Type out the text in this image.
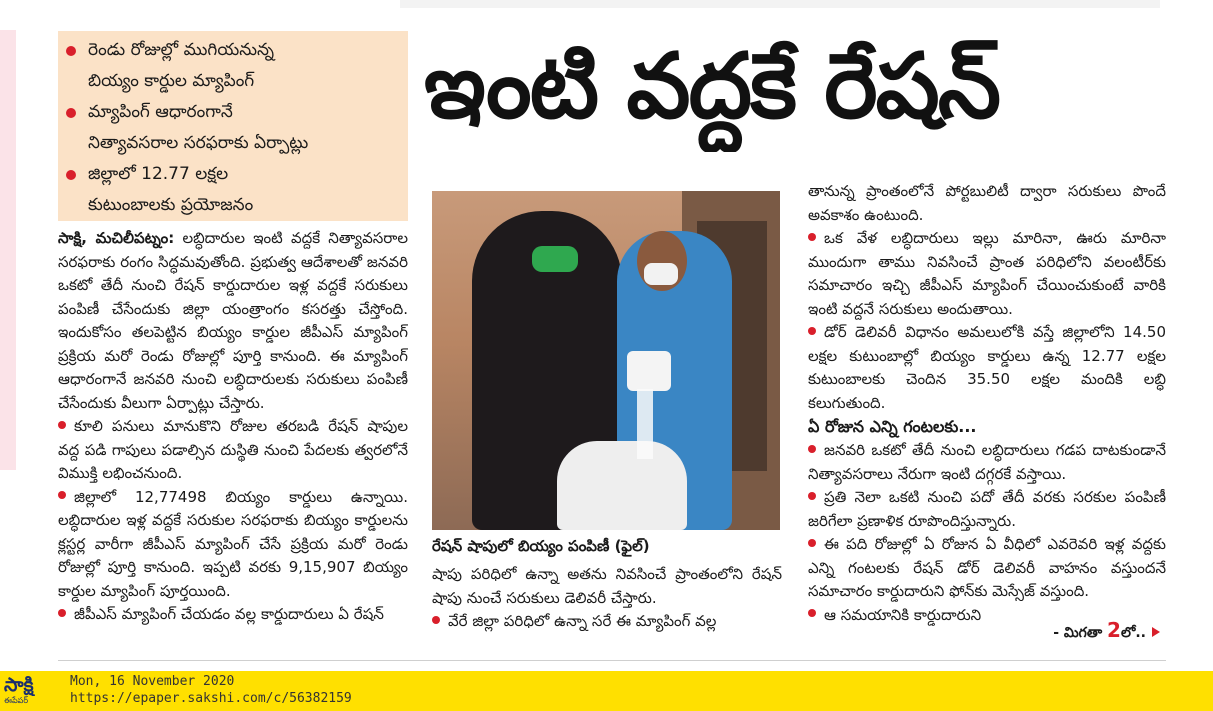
రెండు రోజుల్లో ముగియనున్న
బియ్యం కార్డుల మ్యాపింగ్‌
మ్యాపింగ్‌ ఆధారంగానే
నిత్యావసరాల సరఫరాకు ఏర్పాట్లు
జిల్లాలో 12.77 లక్షల
కుటుంబాలకు ప్రయోజనం
ఇంటి వద్దకే రేషన్‌

సాక్షి, మచిలీపట్నం: లబ్ధిదారుల ఇంటి వద్దకే నిత్యావసరాల సరఫరాకు రంగం సిద్ధమవుతోంది. ప్రభుత్వ ఆదేశాలతో జనవరి ఒకటో తేదీ నుంచి రేషన్‌ కార్డుదారుల ఇళ్ల వద్దకే సరుకులు పంపిణీ చేసేందుకు జిల్లా యంత్రాంగం కసరత్తు చేస్తోంది. ఇందుకోసం తలపెట్టిన బియ్యం కార్డుల జీపీఎస్‌ మ్యాపింగ్‌ ప్రక్రియ మరో రెండు రోజుల్లో పూర్తి కానుంది. ఈ మ్యాపింగ్‌ ఆధారంగానే జనవరి నుంచి లబ్ధిదారులకు సరుకులు పంపిణీ చేసేందుకు వీలుగా ఏర్పాట్లు చేస్తారు.

కూలి పనులు మానుకొని రోజుల తరబడి రేషన్‌ షాపుల వద్ద పడి గాపులు పడాల్సిన దుస్థితి నుంచి పేదలకు త్వరలోనే విముక్తి లభించనుంది.

జిల్లాలో 12,77498 బియ్యం కార్డులు ఉన్నాయి. లబ్ధిదారుల ఇళ్ల వద్దకే సరుకుల సరఫరాకు బియ్యం కార్డులను క్లస్టర్ల వారీగా జీపీఎస్‌ మ్యాపింగ్‌ చేసే ప్రక్రియ మరో రెండు రోజుల్లో పూర్తి కానుంది. ఇప్పటి వరకు 9,15,907 బియ్యం కార్డుల మ్యాపింగ్‌ పూర్తయింది.

జీపీఎస్‌ మ్యాపింగ్‌ చేయడం వల్ల కార్డుదారులు ఏ రేషన్‌

రేషన్‌ షాపులో బియ్యం పంపిణీ (ఫైల్‌)

షాపు పరిధిలో ఉన్నా అతను నివసించే ప్రాంతంలోని రేషన్‌ షాపు నుంచే సరుకులు డెలివరీ చేస్తారు.

వేరే జిల్లా పరిధిలో ఉన్నా సరే ఈ మ్యాపింగ్‌ వల్ల

తానున్న ప్రాంతంలోనే పోర్టబులిటీ ద్వారా సరుకులు పొందే అవకాశం ఉంటుంది.

ఒక వేళ లబ్ధిదారులు ఇల్లు మారినా, ఊరు మారినా ముందుగా తాము నివసించే ప్రాంత పరిధిలోని వలంటీర్‌కు సమాచారం ఇచ్చి జీపీఎస్‌ మ్యాపింగ్‌ చేయించుకుంటే వారికి ఇంటి వద్దనే సరుకులు అందుతాయి.

డోర్‌ డెలివరీ విధానం అమలులోకి వస్తే జిల్లాలోని 14.50 లక్షల కుటుంబాల్లో బియ్యం కార్డులు ఉన్న 12.77 లక్షల కుటుంబాలకు చెందిన 35.50 లక్షల మందికి లబ్ధి కలుగుతుంది.

ఏ రోజున ఎన్ని గంటలకు...

జనవరి ఒకటో తేదీ నుంచి లబ్ధిదారులు గడప దాటకుండానే నిత్యావసరాలు నేరుగా ఇంటి దగ్గరకే వస్తాయి.

ప్రతి నెలా ఒకటి నుంచి పదో తేదీ వరకు సరకుల పంపిణీ జరిగేలా ప్రణాళిక రూపొందిస్తున్నారు.

ఈ పది రోజుల్లో ఏ రోజున ఏ వీధిలో ఎవరెవరి ఇళ్ల వద్దకు ఎన్ని గంటలకు రేషన్‌ డోర్‌ డెలివరీ వాహనం వస్తుందనే సమాచారం కార్డుదారుని ఫోన్‌కు మెస్సేజ్‌ వస్తుంది.

ఆ సమయానికి కార్డుదారుని

- మిగతా 2లో..
సాక్షి
ఈపేపర్
Mon, 16 November 2020
https://epaper.sakshi.com/c/56382159
